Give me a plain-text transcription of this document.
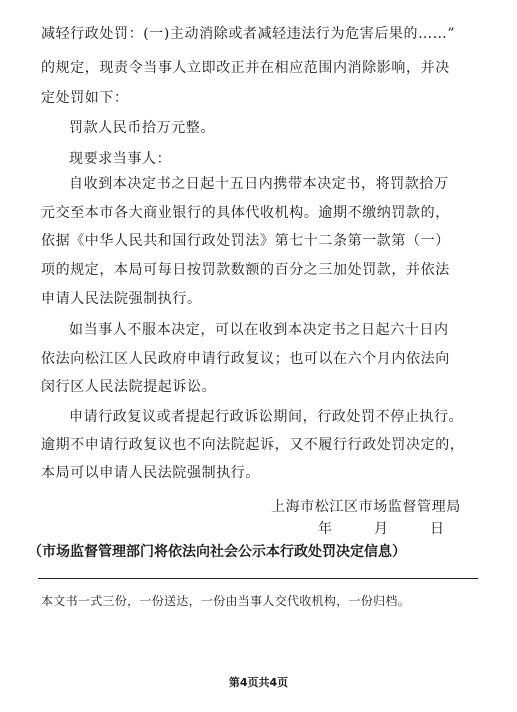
减轻行政处罚：(一)主动消除或者减轻违法行为危害后果的……”
的规定，现责令当事人立即改正并在相应范围内消除影响，并决
定处罚如下：
罚款人民币拾万元整。
现要求当事人：
自收到本决定书之日起十五日内携带本决定书，将罚款拾万
元交至本市各大商业银行的具体代收机构。逾期不缴纳罚款的，
依据《中华人民共和国行政处罚法》第七十二条第一款第（一）
项的规定，本局可每日按罚款数额的百分之三加处罚款，并依法
申请人民法院强制执行。
如当事人不服本决定，可以在收到本决定书之日起六十日内
依法向松江区人民政府申请行政复议；也可以在六个月内依法向
闵行区人民法院提起诉讼。
申请行政复议或者提起行政诉讼期间，行政处罚不停止执行。
逾期不申请行政复议也不向法院起诉，又不履行行政处罚决定的，
本局可以申请人民法院强制执行。
上海市松江区市场监督管理局
年	月	日
（市场监督管理部门将依法向社会公示本行政处罚决定信息）
本文书一式三份，一份送达，一份由当事人交代收机构，一份归档。
第4页共4页
